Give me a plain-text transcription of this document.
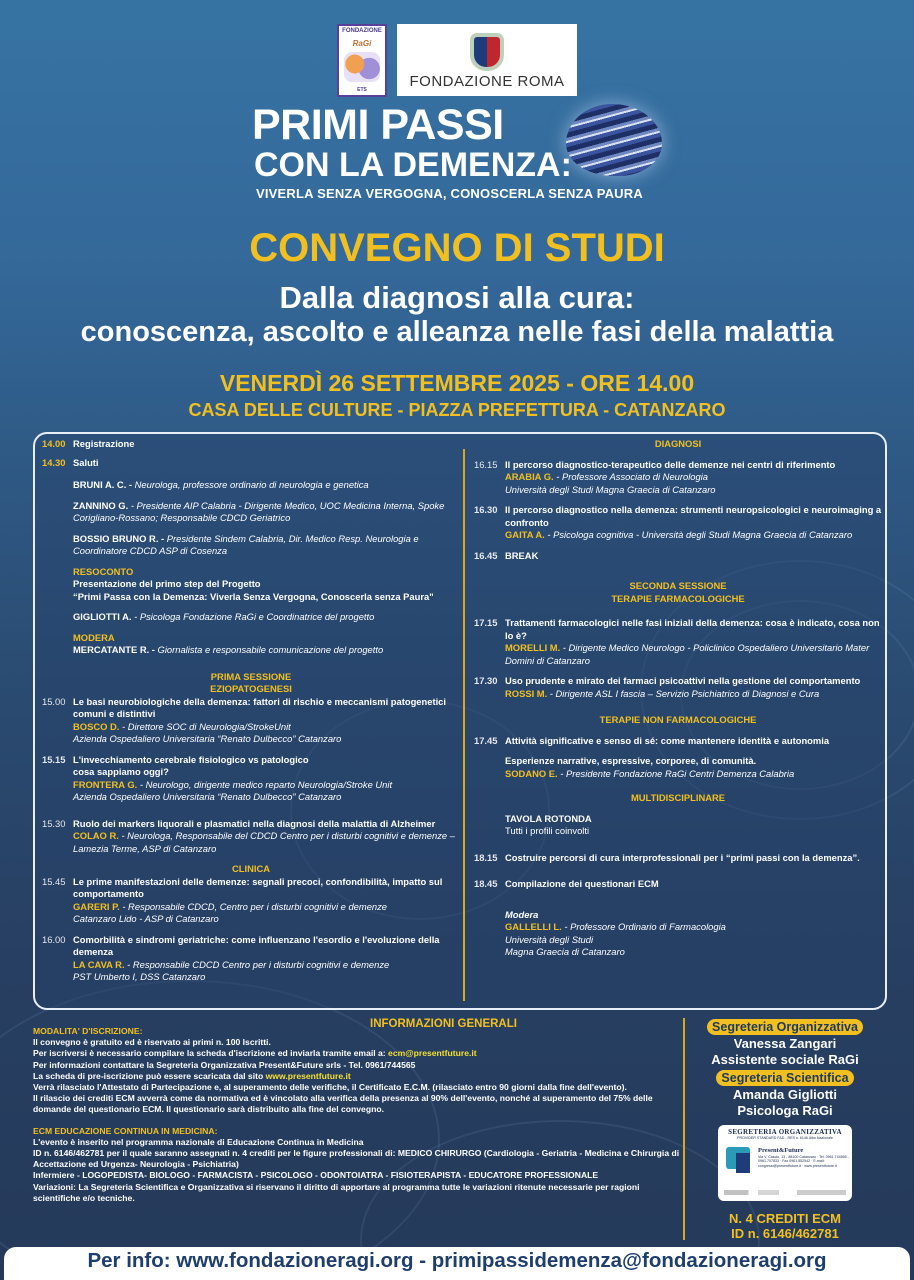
FONDAZIONE
RaGi
ETS	FONDAZIONE ROMA
PRIMI PASSI
CON LA DEMENZA:
VIVERLA SENZA VERGOGNA, CONOSCERLA SENZA PAURA
CONVEGNO DI STUDI
Dalla diagnosi alla cura:
conoscenza, ascolto e alleanza nelle fasi della malattia
VENERDÌ 26 SETTEMBRE 2025 - ORE 14.00
CASA DELLE CULTURE - PIAZZA PREFETTURA - CATANZARO
14.00 Registrazione
14.30 Saluti
BRUNI A. C. - Neurologa, professore ordinario di neurologia e genetica
ZANNINO G. - Presidente AIP Calabria - Dirigente Medico, UOC Medicina Interna, Spoke Corigliano-Rossano; Responsabile CDCD Geriatrico
BOSSIO BRUNO R. - Presidente Sindem Calabria, Dir. Medico Resp. Neurologia e Coordinatore CDCD ASP di Cosenza
RESOCONTO
Presentazione del primo step del Progetto
“Primi Passa con la Demenza: Viverla Senza Vergogna, Conoscerla senza Paura"
GIGLIOTTI A. - Psicologa Fondazione RaGi e Coordinatrice del progetto
MODERA
MERCATANTE R. - Giornalista e responsabile comunicazione del progetto
PRIMA SESSIONE
EZIOPATOGENESI
15.00 Le basi neurobiologiche della demenza: fattori di rischio e meccanismi patogenetici comuni e distintivi
BOSCO D. - Direttore SOC di Neurologia/StrokeUnit
Azienda Ospedaliero Universitaria “Renato Dulbecco” Catanzaro
15.15 L'invecchiamento cerebrale fisiologico vs patologico
cosa sappiamo oggi?
FRONTERA G. - Neurologo, dirigente medico reparto Neurologia/Stroke Unit
Azienda Ospedaliero Universitaria “Renato Dulbecco” Catanzaro
15.30 Ruolo dei markers liquorali e plasmatici nella diagnosi della malattia di Alzheimer
COLAO R. - Neurologa, Responsabile del CDCD Centro per i disturbi cognitivi e demenze – Lamezia Terme, ASP di Catanzaro
CLINICA
15.45 Le prime manifestazioni delle demenze: segnali precoci, confondibilità, impatto sul comportamento
GARERI P. - Responsabile CDCD, Centro per i disturbi cognitivi e demenze
Catanzaro Lido - ASP di Catanzaro
16.00 Comorbilità e sindromi geriatriche: come influenzano l'esordio e l'evoluzione della demenza
LA CAVA R. - Responsabile CDCD Centro per i disturbi cognitivi e demenze
PST Umberto I, DSS Catanzaro
DIAGNOSI
16.15 Il percorso diagnostico-terapeutico delle demenze nei centri di riferimento
ARABIA G. - Professore Associato di Neurologia
Università degli Studi Magna Graecia di Catanzaro
16.30 Il percorso diagnostico nella demenza: strumenti neuropsicologici e neuroimaging a confronto
GAITA A. - Psicologa cognitiva - Università degli Studi Magna Graecia di Catanzaro
16.45 BREAK
SECONDA SESSIONE
TERAPIE FARMACOLOGICHE
17.15 Trattamenti farmacologici nelle fasi iniziali della demenza: cosa è indicato, cosa non lo è?
MORELLI M. - Dirigente Medico Neurologo - Policlinico Ospedaliero Universitario Mater Domini di Catanzaro
17.30 Uso prudente e mirato dei farmaci psicoattivi nella gestione del comportamento
ROSSI M. - Dirigente ASL I fascia – Servizio Psichiatrico di Diagnosi e Cura
TERAPIE NON FARMACOLOGICHE
17.45 Attività significative e senso di sé: come mantenere identità e autonomia
Esperienze narrative, espressive, corporee, di comunità.
SODANO E. - Presidente Fondazione RaGi Centri Demenza Calabria
MULTIDISCIPLINARE
TAVOLA ROTONDA
Tutti i profili coinvolti
18.15 Costruire percorsi di cura interprofessionali per i “primi passi con la demenza”.
18.45 Compilazione dei questionari ECM
Modera
GALLELLI L. - Professore Ordinario di Farmacologia
Università degli Studi
Magna Graecia di Catanzaro
INFORMAZIONI GENERALI
MODALITA' D'ISCRIZIONE:
Il convegno è gratuito ed è riservato ai primi n. 100 Iscritti.
Per iscriversi è necessario compilare la scheda d'iscrizione ed inviarla tramite email a: ecm@presentfuture.it
Per informazioni contattare la Segreteria Organizzativa Present&Future srls - Tel. 0961/744565
La scheda di pre-iscrizione può essere scaricata dal sito www.presentfuture.it
Verrà rilasciato l'Attestato di Partecipazione e, al superamento delle verifiche, il Certificato E.C.M. (rilasciato entro 90 giorni dalla fine dell'evento).
Il rilascio dei crediti ECM avverrà come da normativa ed è vincolato alla verifica della presenza al 90% dell'evento, nonché al superamento del 75% delle domande del questionario ECM. Il questionario sarà distribuito alla fine del convegno.
ECM EDUCAZIONE CONTINUA IN MEDICINA:
L'evento è inserito nel programma nazionale di Educazione Continua in Medicina
ID n. 6146/462781 per il quale saranno assegnati n. 4 crediti per le figure professionali di: MEDICO CHIRURGO (Cardiologia - Geriatria - Medicina e Chirurgia di Accettazione ed Urgenza- Neurologia - Psichiatria)
Infermiere - LOGOPEDISTA- BIOLOGO - FARMACISTA - PSICOLOGO - ODONTOIATRA - FISIOTERAPISTA - EDUCATORE PROFESSIONALE
Variazioni: La Segreteria Scientifica e Organizzativa si riservano il diritto di apportare al programma tutte le variazioni ritenute necessarie per ragioni scientifiche e/o tecniche.
Segreteria Organizzativa
Vanessa Zangari
Assistente sociale RaGi
Segreteria Scientifica
Amanda Gigliotti
Psicologa RaGi
SEGRETERIA ORGANIZZATIVA
PROVIDER STANDARD FAD - RES n. 6146 Albo Nazionale
Present&Future
Via V. Cascio, 13 - 88100 Catanzaro · Tel. 0961.744565 - 0961.707833 · Fax 0961.552542 · E-mail: congressi@presentfuture.it · www.presentfuture.it
N. 4 CREDITI ECM
ID n. 6146/462781
Per info: www.fondazioneragi.org - primipassidemenza@fondazioneragi.org
